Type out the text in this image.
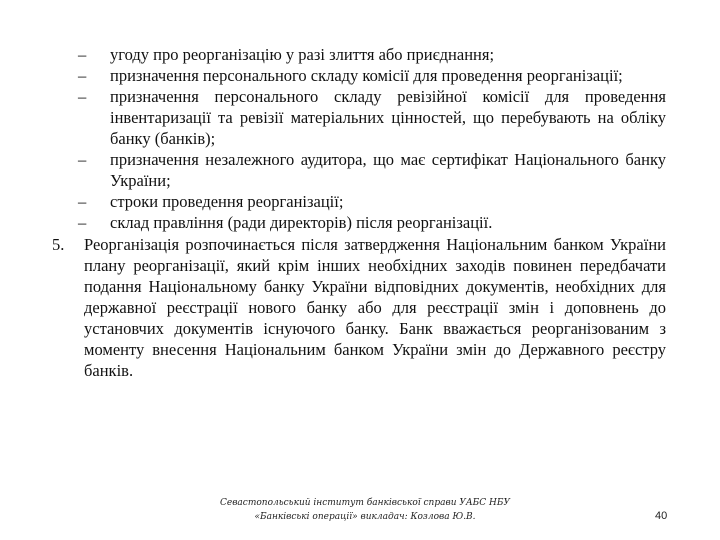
– угоду про реорганізацію у разі злиття або приєднання;
– призначення персонального складу комісії для проведення реорганізації;
– призначення персонального складу ревізійної комісії для проведення інвентаризації та ревізії матеріальних цінностей, що перебувають на обліку банку (банків);
– призначення незалежного аудитора, що має сертифікат Національного банку України;
– строки проведення реорганізації;
– склад правління (ради директорів) після реорганізації.
5. Реорганізація розпочинається після затвердження Національним банком України плану реорганізації, який крім інших необхідних заходів повинен передбачати подання Національному банку України відповідних документів, необхідних для державної реєстрації нового банку або для реєстрації змін і доповнень до установчих документів існуючого банку. Банк вважається реорганізованим з моменту внесення Національним банком України змін до Державного реєстру банків.
Севастопольський інститут банківської справи УАБС НБУ
«Банківські операції» викладач: Козлова Ю.В.	40
